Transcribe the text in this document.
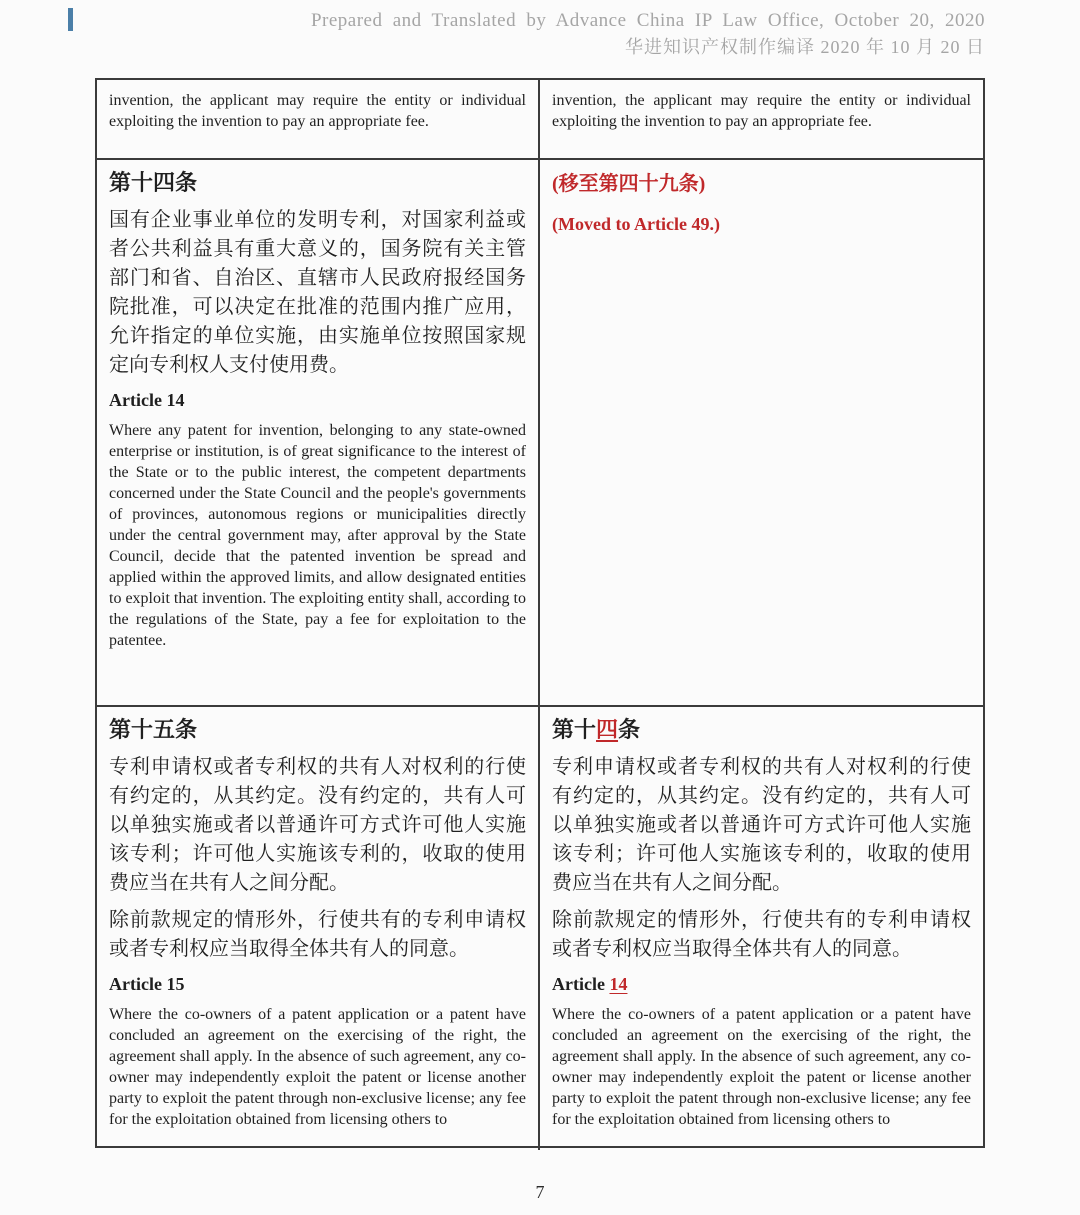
Prepared and Translated by Advance China IP Law Office, October 20, 2020
华进知识产权制作编译 2020 年 10 月 20 日

invention, the applicant may require the entity or individual exploiting the invention to pay an appropriate fee.

invention, the applicant may require the entity or individual exploiting the invention to pay an appropriate fee.

第十四条

国有企业事业单位的发明专利，对国家利益或者公共利益具有重大意义的，国务院有关主管部门和省、自治区、直辖市人民政府报经国务院批准，可以决定在批准的范围内推广应用，允许指定的单位实施，由实施单位按照国家规定向专利权人支付使用费。

Article 14

Where any patent for invention, belonging to any state-owned enterprise or institution, is of great significance to the interest of the State or to the public interest, the competent departments concerned under the State Council and the people's governments of provinces, autonomous regions or municipalities directly under the central government may, after approval by the State Council, decide that the patented invention be spread and applied within the approved limits, and allow designated entities to exploit that invention. The exploiting entity shall, according to the regulations of the State, pay a fee for exploitation to the patentee.

(移至第四十九条)
(Moved to Article 49.)
第十五条

专利申请权或者专利权的共有人对权利的行使有约定的，从其约定。没有约定的，共有人可以单独实施或者以普通许可方式许可他人实施该专利；许可他人实施该专利的，收取的使用费应当在共有人之间分配。

除前款规定的情形外，行使共有的专利申请权或者专利权应当取得全体共有人的同意。

Article 15

Where the co-owners of a patent application or a patent have concluded an agreement on the exercising of the right, the agreement shall apply. In the absence of such agreement, any co-owner may independently exploit the patent or license another party to exploit the patent through non-exclusive license; any fee for the exploitation obtained from licensing others to

第十四条

专利申请权或者专利权的共有人对权利的行使有约定的，从其约定。没有约定的，共有人可以单独实施或者以普通许可方式许可他人实施该专利；许可他人实施该专利的，收取的使用费应当在共有人之间分配。

除前款规定的情形外，行使共有的专利申请权或者专利权应当取得全体共有人的同意。

Article 14

Where the co-owners of a patent application or a patent have concluded an agreement on the exercising of the right, the agreement shall apply. In the absence of such agreement, any co-owner may independently exploit the patent or license another party to exploit the patent through non-exclusive license; any fee for the exploitation obtained from licensing others to

7
